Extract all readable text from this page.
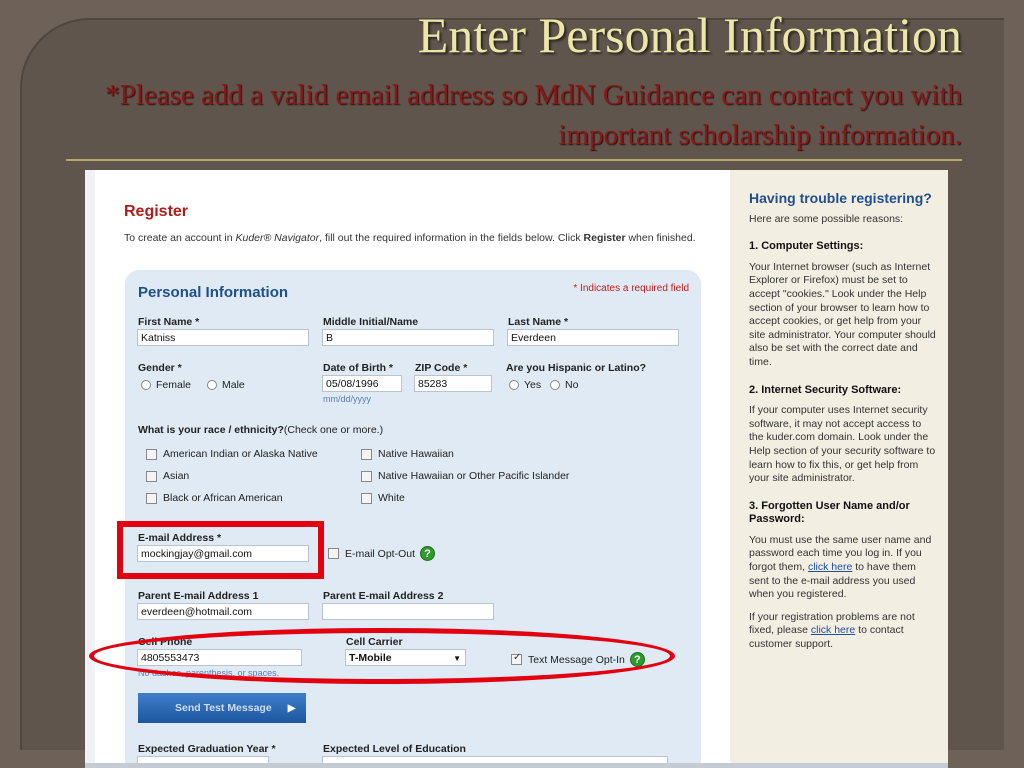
Enter Personal Information
*Please add a valid email address so MdN Guidance can contact you with important scholarship information.
Register
To create an account in Kuder® Navigator, fill out the required information in the fields below. Click Register when finished.
Personal Information	* Indicates a required field
First Name *
Katniss
Middle Initial/Name
B
Last Name *
Everdeen
Gender *
Female	Male
Date of Birth *
05/08/1996
mm/dd/yyyy
ZIP Code *
85283
Are you Hispanic or Latino?
Yes No
What is your race / ethnicity? (Check one or more.)
American Indian or Alaska Native	Native Hawaiian
Asian	Native Hawaiian or Other Pacific Islander
Black or African American	White
E-mail Address *
mockingjay@gmail.com	E-mail Opt-Out ?
Parent E-mail Address 1
everdeen@hotmail.com
Parent E-mail Address 2
Cell Phone
4805553473
No dashes, parenthesis, or spaces.
Cell Carrier
T-Mobile	▼
✓	Text Message Opt-In ?
Send Test Message ▶
Expected Graduation Year *	Expected Level of Education
Having trouble registering?

Here are some possible reasons:

1. Computer Settings:

Your Internet browser (such as Internet Explorer or Firefox) must be set to accept "cookies." Look under the Help section of your browser to learn how to accept cookies, or get help from your site administrator. Your computer should also be set with the correct date and time.

2. Internet Security Software:

If your computer uses Internet security software, it may not accept access to the kuder.com domain. Look under the Help section of your security software to learn how to fix this, or get help from your site administrator.

3. Forgotten User Name and/or Password:

You must use the same user name and password each time you log in. If you forgot them, click here to have them sent to the e-mail address you used when you registered.

If your registration problems are not fixed, please click here to contact customer support.
